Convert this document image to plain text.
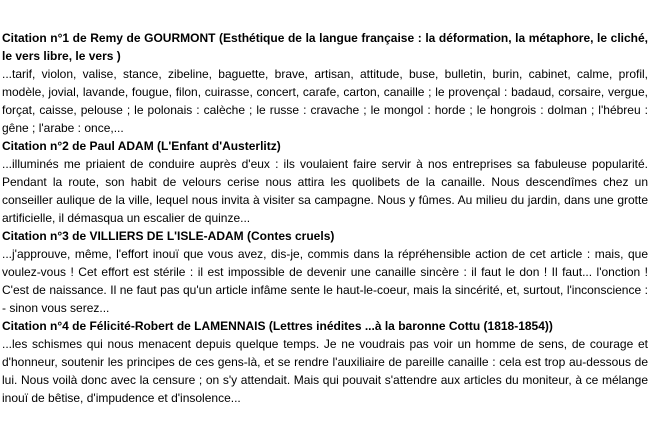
Citation n°1 de Remy de GOURMONT (Esthétique de la langue française : la déformation, la métaphore, le cliché, le vers libre, le vers )
...tarif, violon, valise, stance, zibeline, baguette, brave, artisan, attitude, buse, bulletin, burin, cabinet, calme, profil, modèle, jovial, lavande, fougue, filon, cuirasse, concert, carafe, carton, canaille ; le provençal : badaud, corsaire, vergue, forçat, caisse, pelouse ; le polonais : calèche ; le russe : cravache ; le mongol : horde ; le hongrois : dolman ; l'hébreu : gêne ; l'arabe : once,...
Citation n°2 de Paul ADAM (L'Enfant d'Austerlitz)
...illuminés me priaient de conduire auprès d'eux : ils voulaient faire servir à nos entreprises sa fabuleuse popularité. Pendant la route, son habit de velours cerise nous attira les quolibets de la canaille. Nous descendîmes chez un conseiller aulique de la ville, lequel nous invita à visiter sa campagne. Nous y fûmes. Au milieu du jardin, dans une grotte artificielle, il démasqua un escalier de quinze...
Citation n°3 de VILLIERS DE L'ISLE-ADAM (Contes cruels)
...j'approuve, même, l'effort inouï que vous avez, dis-je, commis dans la répréhensible action de cet article : mais, que voulez-vous ! Cet effort est stérile : il est impossible de devenir une canaille sincère : il faut le don ! Il faut... l'onction ! C'est de naissance. Il ne faut pas qu'un article infâme sente le haut-le-coeur, mais la sincérité, et, surtout, l'inconscience : - sinon vous serez...
Citation n°4 de Félicité-Robert de LAMENNAIS (Lettres inédites ...à la baronne Cottu (1818-1854))
...les schismes qui nous menacent depuis quelque temps. Je ne voudrais pas voir un homme de sens, de courage et d'honneur, soutenir les principes de ces gens-là, et se rendre l'auxiliaire de pareille canaille : cela est trop au-dessous de lui. Nous voilà donc avec la censure ; on s'y attendait. Mais qui pouvait s'attendre aux articles du moniteur, à ce mélange inouï de bêtise, d'impudence et d'insolence...
